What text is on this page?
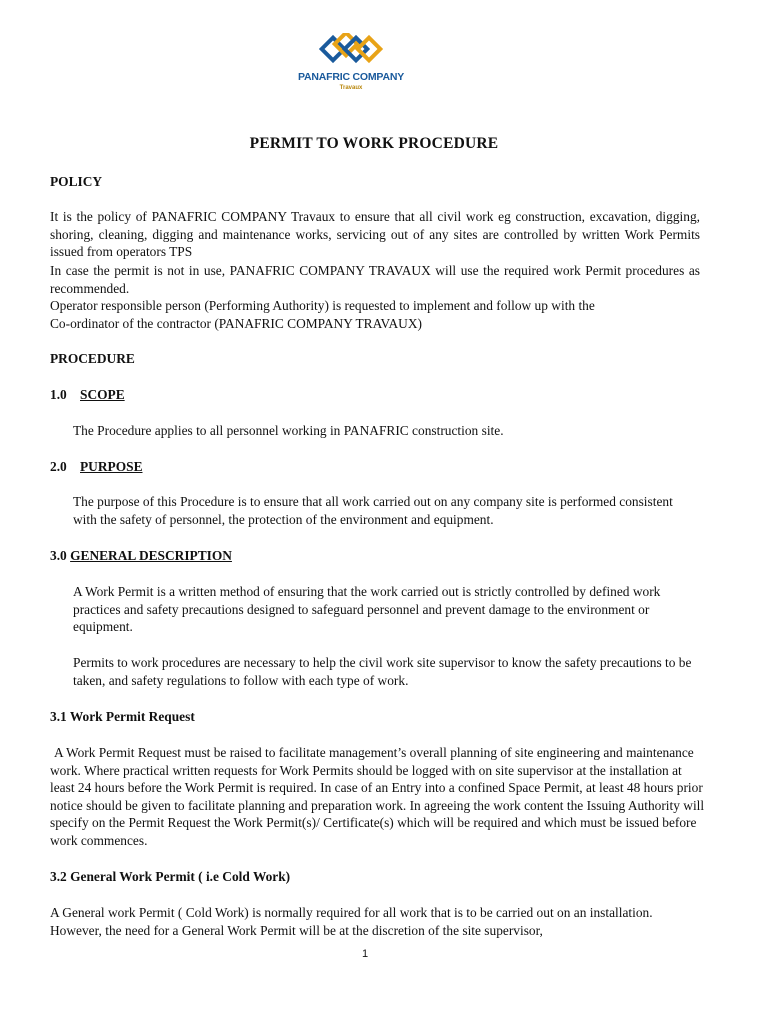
PANAFRIC COMPANY
Travaux
PERMIT TO WORK PROCEDURE
POLICY

It is the policy of PANAFRIC COMPANY Travaux to ensure that all civil work eg construction, excavation, digging, shoring, cleaning, digging and maintenance works, servicing out of any sites are controlled by written Work Permits issued from operators TPS

In case the permit is not in use, PANAFRIC COMPANY TRAVAUX will use the required work Permit procedures as recommended.

Operator responsible person (Performing Authority) is requested to implement and follow up with the
Co-ordinator of the contractor (PANAFRIC COMPANY TRAVAUX)
PROCEDURE
1.0 SCOPE

The Procedure applies to all personnel working in PANAFRIC construction site.

2.0 PURPOSE

The purpose of this Procedure is to ensure that all work carried out on any company site is performed consistent with the safety of personnel, the protection of the environment and equipment.

3.0 GENERAL DESCRIPTION

A Work Permit is a written method of ensuring that the work carried out is strictly controlled by defined work practices and safety precautions designed to safeguard personnel and prevent damage to the environment or equipment.

Permits to work procedures are necessary to help the civil work site supervisor to know the safety precautions to be taken, and safety regulations to follow with each type of work.

3.1 Work Permit Request

A Work Permit Request must be raised to facilitate management’s overall planning of site engineering and maintenance work. Where practical written requests for Work Permits should be logged with on site supervisor at the installation at least 24 hours before the Work Permit is required. In case of an Entry into a confined Space Permit, at least 48 hours prior notice should be given to facilitate planning and preparation work. In agreeing the work content the Issuing Authority will specify on the Permit Request the Work Permit(s)/ Certificate(s) which will be required and which must be issued before work commences.

3.2 General Work Permit ( i.e Cold Work)

A General work Permit ( Cold Work) is normally required for all work that is to be carried out on an installation. However, the need for a General Work Permit will be at the discretion of the site supervisor,

1
